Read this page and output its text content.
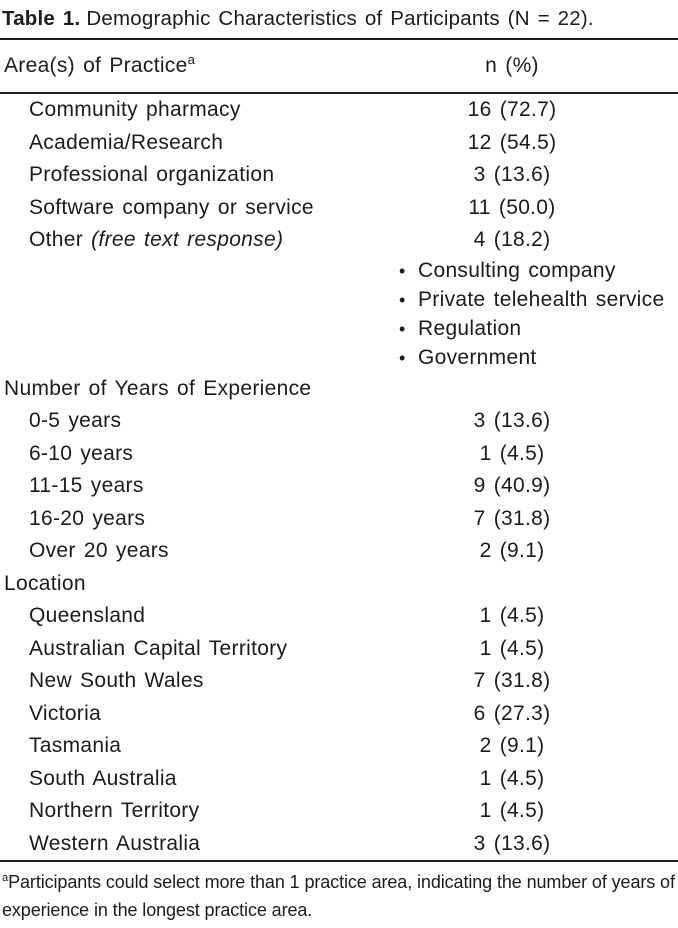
Table 1. Demographic Characteristics of Participants (N = 22).
Area(s) of Practice$^a$	n (%)
Community pharmacy	16 (72.7)
Academia/Research	12 (54.5)
Professional organization	3 (13.6)
Software company or service	11 (50.0)
Other (free text response)	4 (18.2)
• Consulting company
• Private telehealth service
• Regulation
• Government
Number of Years of Experience
0-5 years	3 (13.6)
6-10 years	1 (4.5)
11-15 years	9 (40.9)
16-20 years	7 (31.8)
Over 20 years	2 (9.1)
Location
Queensland	1 (4.5)
Australian Capital Territory	1 (4.5)
New South Wales	7 (31.8)
Victoria	6 (27.3)
Tasmania	2 (9.1)
South Australia	1 (4.5)
Northern Territory	1 (4.5)
Western Australia	3 (13.6)
$^a$Participants could select more than 1 practice area, indicating the number of years of experience in the longest practice area.
